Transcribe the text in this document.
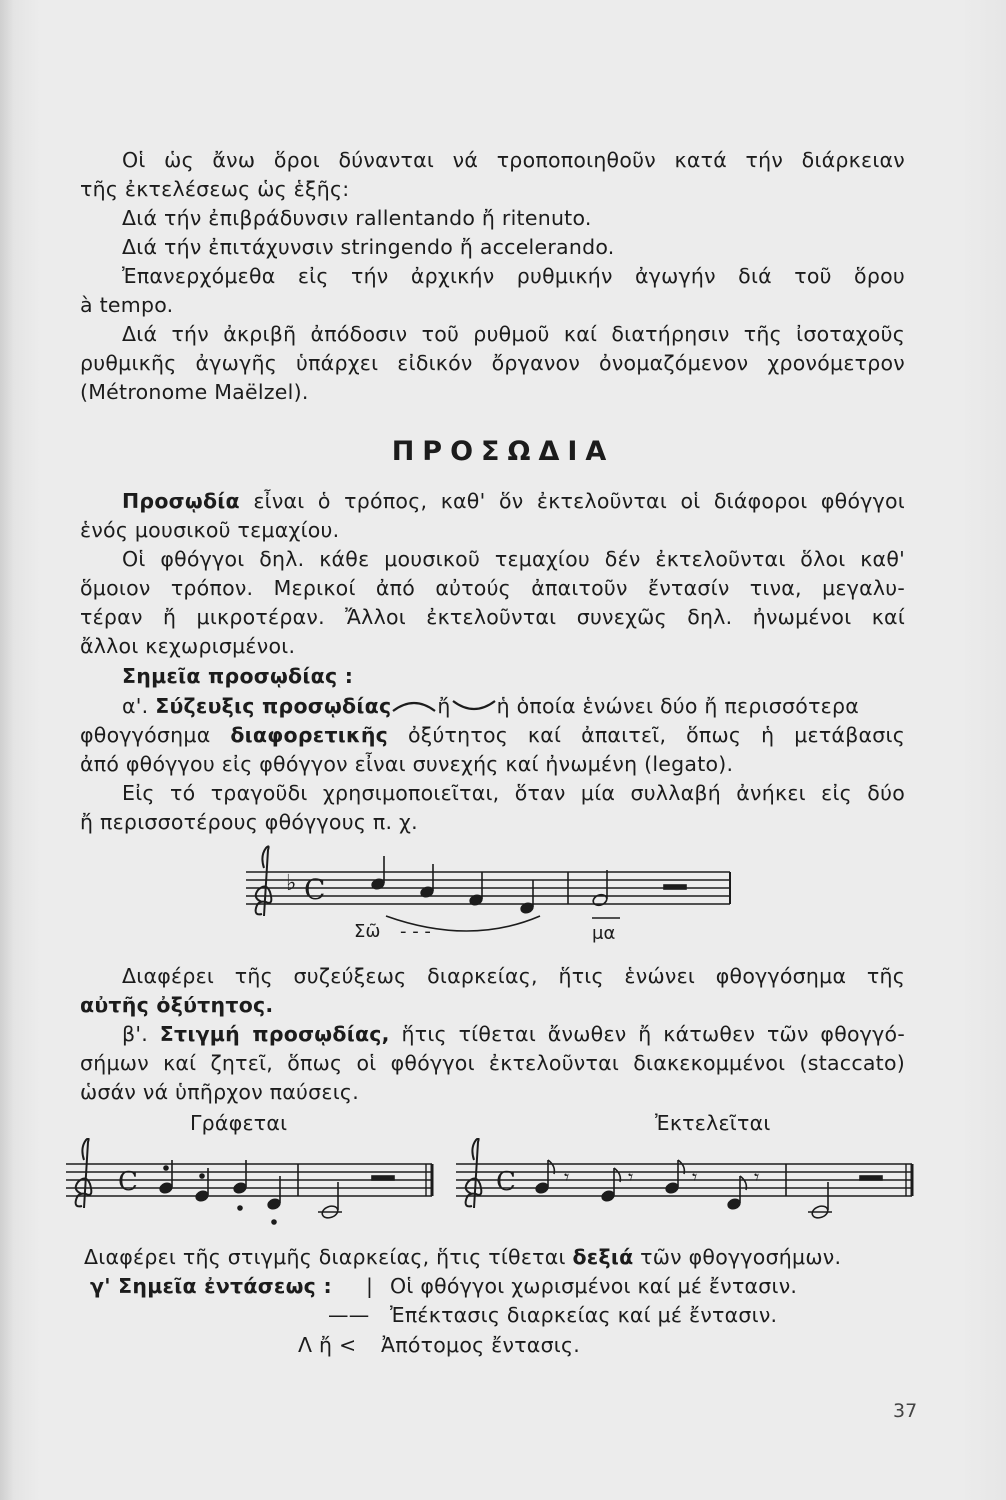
Οἱ ὡς ἄνω ὅροι δύνανται νά τροποποιηθοῦν κατά τήν διάρκειαν
τῆς ἐκτελέσεως ὡς ἑξῆς:
Διά τήν ἐπιβράδυνσιν rallentando ἤ ritenuto.
Διά τήν ἐπιτάχυνσιν stringendo ἤ accelerando.
Ἐπανερχόμεθα εἰς τήν ἀρχικήν ρυθμικήν ἀγωγήν διά τοῦ ὅρου
à tempo.
Διά τήν ἀκριβῆ ἀπόδοσιν τοῦ ρυθμοῦ καί διατήρησιν τῆς ἰσοταχοῦς
ρυθμικῆς ἀγωγῆς ὑπάρχει εἰδικόν ὄργανον ὀνομαζόμενον χρονόμετρον
(Métronome Maëlzel).
ΠΡΟΣΩΔΙΑ
Προσῳδία εἶναι ὁ τρόπος, καθ' ὅν ἐκτελοῦνται οἱ διάφοροι φθόγγοι
ἑνός μουσικοῦ τεμαχίου.
Οἱ φθόγγοι δηλ. κάθε μουσικοῦ τεμαχίου δέν ἐκτελοῦνται ὅλοι καθ'
ὅμοιον τρόπον. Μερικοί ἀπό αὐτούς ἀπαιτοῦν ἔντασίν τινα, μεγαλυ-
τέραν ἤ μικροτέραν. Ἄλλοι ἐκτελοῦνται συνεχῶς δηλ. ἠνωμένοι καί
ἄλλοι κεχωρισμένοι.
Σημεῖα προσῳδίας :
α'. Σύζευξις προσῳδίας ἤ ἡ ὁποία ἑνώνει δύο ἤ περισσότερα
φθογγόσημα διαφορετικῆς ὀξύτητος καί ἀπαιτεῖ, ὅπως ἡ μετάβασις
ἀπό φθόγγου εἰς φθόγγον εἶναι συνεχής καί ἠνωμένη (legato).
Εἰς τό τραγοῦδι χρησιμοποιεῖται, ὅταν μία συλλαβή ἀνήκει εἰς δύο
ἤ περισσοτέρους φθόγγους π. χ.
♭ C
Σῶ - - -	μα
Διαφέρει τῆς συζεύξεως διαρκείας, ἥτις ἑνώνει φθογγόσημα τῆς
αὐτῆς ὀξύτητος.
β'. Στιγμή προσῳδίας, ἥτις τίθεται ἄνωθεν ἤ κάτωθεν τῶν φθογγό-
σήμων καί ζητεῖ, ὅπως οἱ φθόγγοι ἐκτελοῦνται διακεκομμένοι (staccato)
ὡσάν νά ὑπῆρχον παύσεις.
Γράφεται	Ἐκτελεῖται
C	C 𝄾	𝄾	𝄾	𝄾
Διαφέρει τῆς στιγμῆς διαρκείας, ἥτις τίθεται δεξιά τῶν φθογγοσήμων.
γ' Σημεῖα ἐντάσεως :	| Οἱ φθόγγοι χωρισμένοι καί μέ ἔντασιν.
——	Ἐπέκτασις διαρκείας καί μέ ἔντασιν.
Λ ἤ <	Ἀπότομος ἔντασις.
37
